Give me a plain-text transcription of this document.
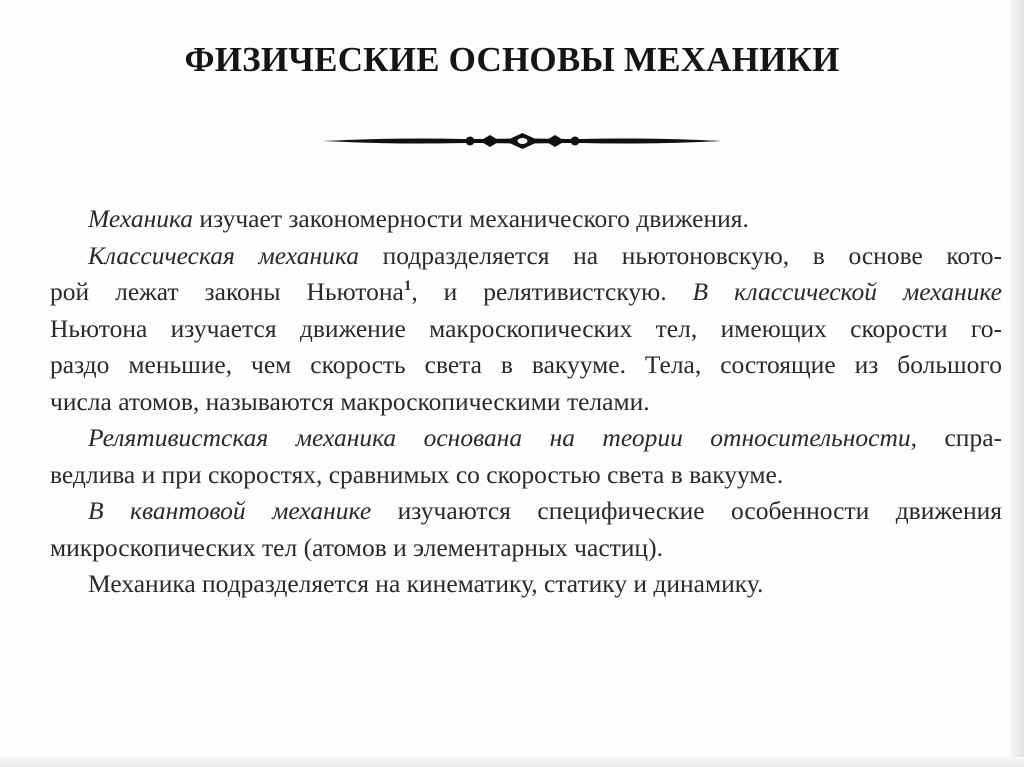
ФИЗИЧЕСКИЕ ОСНОВЫ МЕХАНИКИ

Механика изучает закономерности механического движения.

Классическая механика подразделяется на ньютоновскую, в основе кото-
рой лежат законы Ньютона$^1$, и релятивистскую. В классической механике
Ньютона изучается движение макроскопических тел, имеющих скорости го-
раздо меньшие, чем скорость света в вакууме. Тела, состоящие из большого
числа атомов, называются макроскопическими телами.

Релятивистская механика основана на теории относительности, спра-
ведлива и при скоростях, сравнимых со скоростью света в вакууме.

В квантовой механике изучаются специфические особенности движения
микроскопических тел (атомов и элементарных частиц).

Механика подразделяется на кинематику, статику и динамику.
